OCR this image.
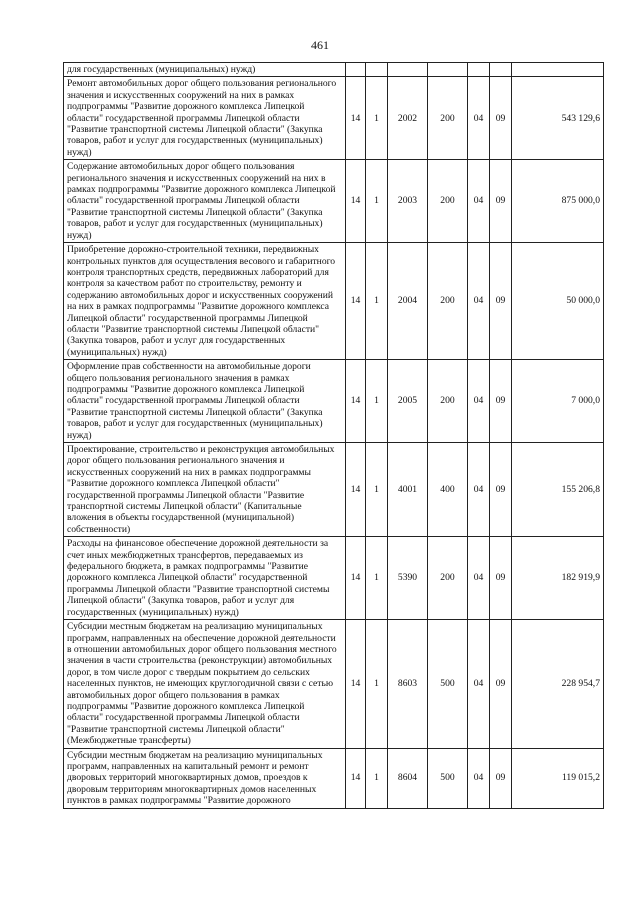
461
для государственных (муниципальных) нужд)							
Ремонт автомобильных дорог общего пользования регионального значения и искусственных сооружений на них в рамках подпрограммы "Развитие дорожного комплекса Липецкой области" государственной программы Липецкой области "Развитие транспортной системы Липецкой области" (Закупка товаров, работ и услуг для государственных (муниципальных) нужд)	14	1	2002	200	04	09	543 129,6
Содержание автомобильных дорог общего пользования регионального значения и искусственных сооружений на них в рамках подпрограммы "Развитие дорожного комплекса Липецкой области" государственной программы Липецкой области "Развитие транспортной системы Липецкой области" (Закупка товаров, работ и услуг для государственных (муниципальных) нужд)	14	1	2003	200	04	09	875 000,0
Приобретение дорожно-строительной техники, передвижных контрольных пунктов для осуществления весового и габаритного контроля транспортных средств, передвижных лабораторий для контроля за качеством работ по строительству, ремонту и содержанию автомобильных дорог и искусственных сооружений на них в рамках подпрограммы "Развитие дорожного комплекса Липецкой области" государственной программы Липецкой области "Развитие транспортной системы Липецкой области" (Закупка товаров, работ и услуг для государственных (муниципальных) нужд)	14	1	2004	200	04	09	50 000,0
Оформление прав собственности на автомобильные дороги общего пользования регионального значения в рамках подпрограммы "Развитие дорожного комплекса Липецкой области" государственной программы Липецкой области "Развитие транспортной системы Липецкой области" (Закупка товаров, работ и услуг для государственных (муниципальных) нужд)	14	1	2005	200	04	09	7 000,0
Проектирование, строительство и реконструкция автомобильных дорог общего пользования регионального значения и искусственных сооружений на них в рамках подпрограммы "Развитие дорожного комплекса Липецкой области" государственной программы Липецкой области "Развитие транспортной системы Липецкой области" (Капитальные вложения в объекты государственной (муниципальной) собственности)	14	1	4001	400	04	09	155 206,8
Расходы на финансовое обеспечение дорожной деятельности за счет иных межбюджетных трансфертов, передаваемых из федерального бюджета, в рамках подпрограммы "Развитие дорожного комплекса Липецкой области" государственной программы Липецкой области "Развитие транспортной системы Липецкой области" (Закупка товаров, работ и услуг для государственных (муниципальных) нужд)	14	1	5390	200	04	09	182 919,9
Субсидии местным бюджетам на реализацию муниципальных программ, направленных на обеспечение дорожной деятельности в отношении автомобильных дорог общего пользования местного значения в части строительства (реконструкции) автомобильных дорог, в том числе дорог с твердым покрытием до сельских населенных пунктов, не имеющих круглогодичной связи с сетью автомобильных дорог общего пользования в рамках подпрограммы "Развитие дорожного комплекса Липецкой области" государственной программы Липецкой области "Развитие транспортной системы Липецкой области" (Межбюджетные трансферты)	14	1	8603	500	04	09	228 954,7
Субсидии местным бюджетам на реализацию муниципальных программ, направленных на капитальный ремонт и ремонт дворовых территорий многоквартирных домов, проездов к дворовым территориям многоквартирных домов населенных пунктов в рамках подпрограммы "Развитие дорожного	14	1	8604	500	04	09	119 015,2
